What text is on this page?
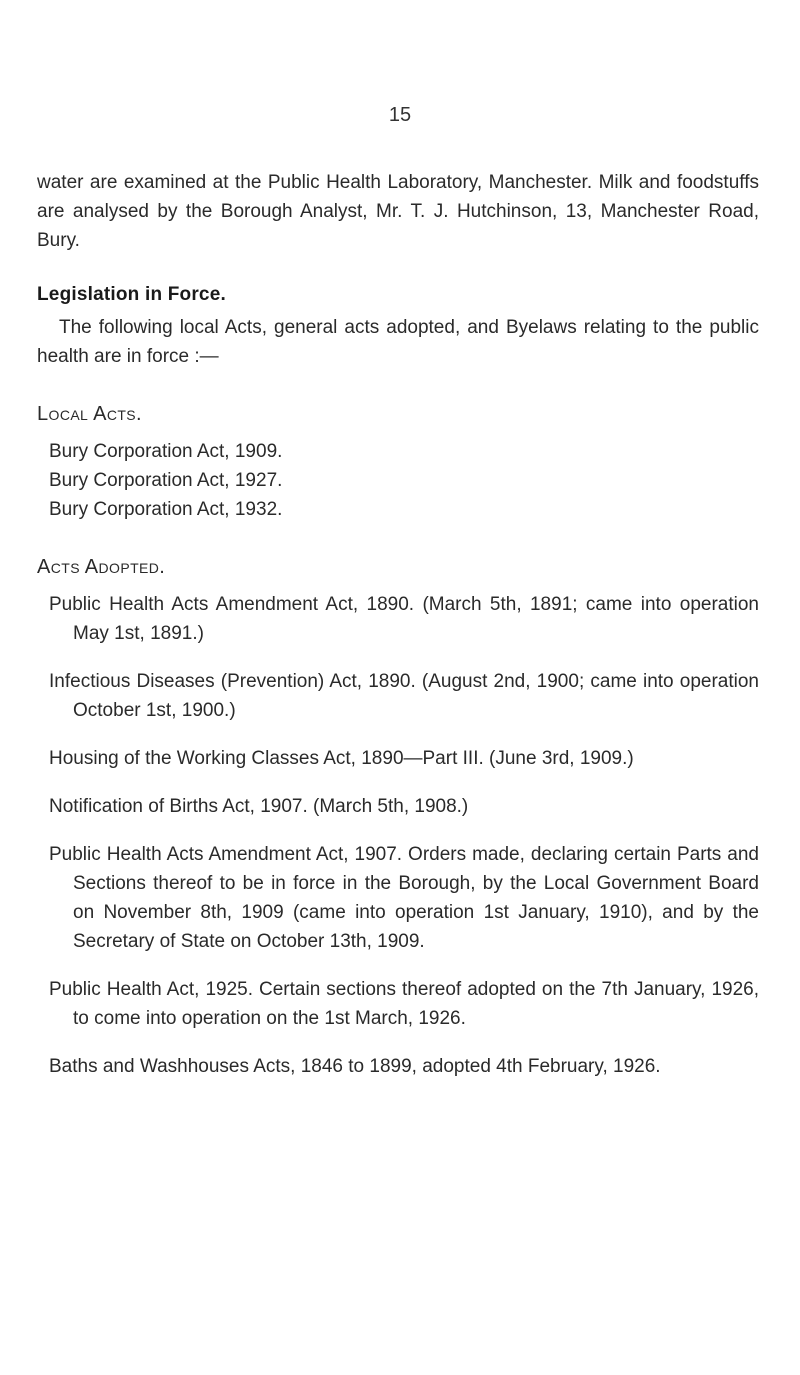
15

water are examined at the Public Health Laboratory, Manchester. Milk and foodstuffs are analysed by the Borough Analyst, Mr. T. J. Hutchinson, 13, Manchester Road, Bury.

Legislation in Force.

The following local Acts, general acts adopted, and Byelaws relating to the public health are in force :—

Local Acts.
Bury Corporation Act, 1909.
Bury Corporation Act, 1927.
Bury Corporation Act, 1932.
Acts Adopted.
Public Health Acts Amendment Act, 1890. (March 5th, 1891; came into operation May 1st, 1891.)
Infectious Diseases (Prevention) Act, 1890. (August 2nd, 1900; came into operation October 1st, 1900.)
Housing of the Working Classes Act, 1890—Part III. (June 3rd, 1909.)
Notification of Births Act, 1907. (March 5th, 1908.)
Public Health Acts Amendment Act, 1907. Orders made, declaring certain Parts and Sections thereof to be in force in the Borough, by the Local Government Board on November 8th, 1909 (came into operation 1st January, 1910), and by the Secretary of State on October 13th, 1909.
Public Health Act, 1925. Certain sections thereof adopted on the 7th January, 1926, to come into operation on the 1st March, 1926.
Baths and Washhouses Acts, 1846 to 1899, adopted 4th February, 1926.
